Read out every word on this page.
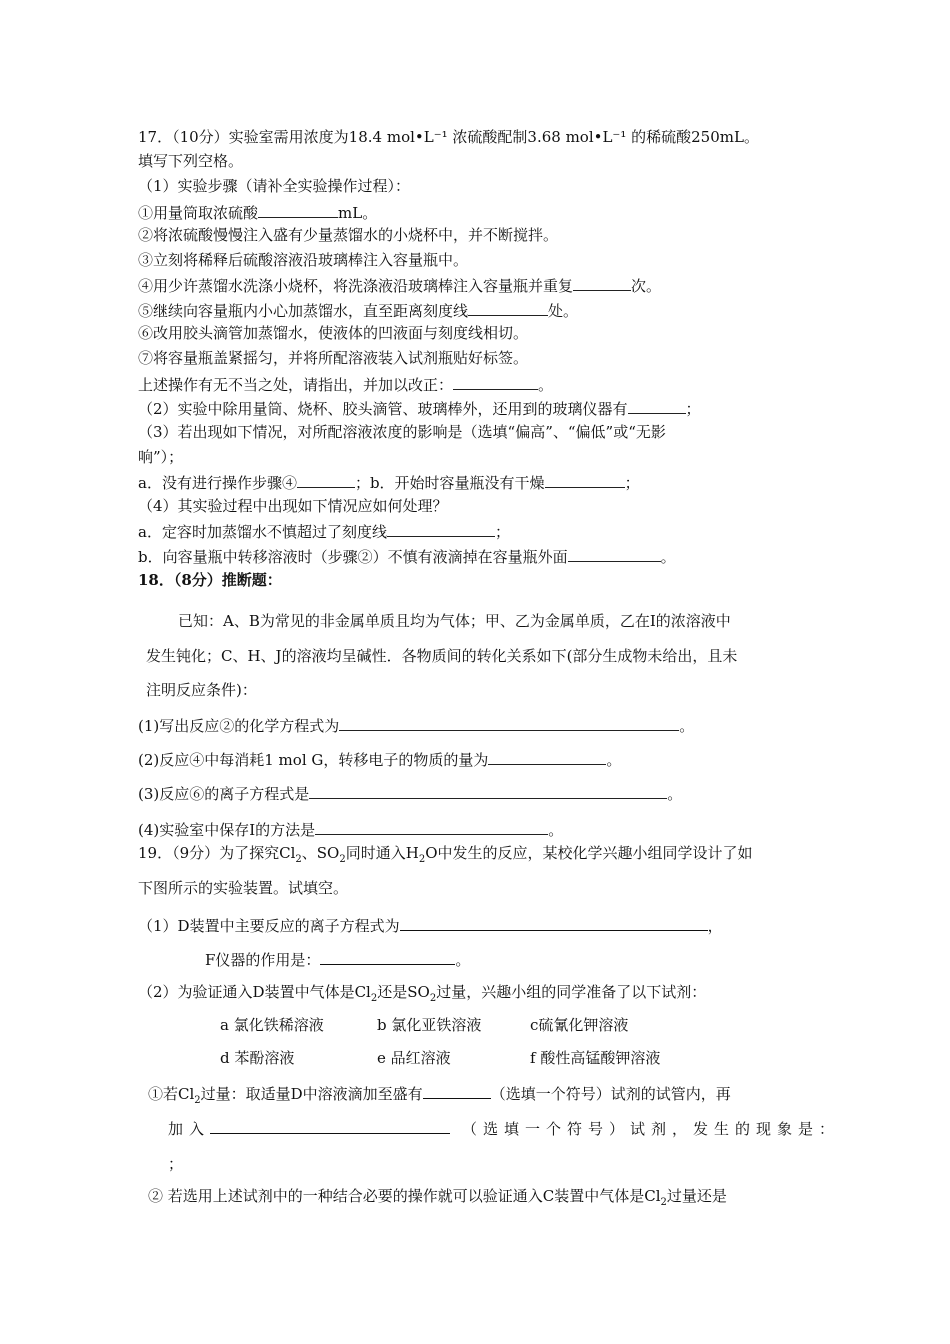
17．（10分）实验室需用浓度为18.4 mol•L⁻¹ 浓硫酸配制3.68 mol•L⁻¹ 的稀硫酸250mL。
填写下列空格。
（1）实验步骤（请补全实验操作过程）：
①用量筒取浓硫酸	mL。
②将浓硫酸慢慢注入盛有少量蒸馏水的小烧杯中，并不断搅拌。
③立刻将稀释后硫酸溶液沿玻璃棒注入容量瓶中。
④用少许蒸馏水洗涤小烧杯，将洗涤液沿玻璃棒注入容量瓶并重复	次。
⑤继续向容量瓶内小心加蒸馏水，直至距离刻度线	处。
⑥改用胶头滴管加蒸馏水，使液体的凹液面与刻度线相切。
⑦将容量瓶盖紧摇匀，并将所配溶液装入试剂瓶贴好标签。
上述操作有无不当之处，请指出，并加以改正：	。
（2）实验中除用量筒、烧杯、胶头滴管、玻璃棒外，还用到的玻璃仪器有	；
（3）若出现如下情况，对所配溶液浓度的影响是（选填“偏高”、“偏低”或“无影
响”）；
a．没有进行操作步骤④	；b．开始时容量瓶没有干燥	；
（4）其实验过程中出现如下情况应如何处理？
a．定容时加蒸馏水不慎超过了刻度线	；
b．向容量瓶中转移溶液时（步骤②）不慎有液滴掉在容量瓶外面	。
18．（8分）推断题：
已知：A、B为常见的非金属单质且均为气体；甲、乙为金属单质，乙在I的浓溶液中
发生钝化；C、H、J的溶液均呈碱性．各物质间的转化关系如下(部分生成物未给出，且未
注明反应条件)：
(1)写出反应②的化学方程式为	。
(2)反应④中每消耗1 mol G，转移电子的物质的量为	。
(3)反应⑥的离子方程式是	。
(4)实验室中保存I的方法是	。
19．（9分）为了探究$Cl_2$、$SO_2$同时通入$H_2O$中发生的反应，某校化学兴趣小组同学设计了如
下图所示的实验装置。试填空。
（1）D装置中主要反应的离子方程式为	，
F仪器的作用是：	。
（2）为验证通入D装置中气体是$Cl_2$还是$SO_2$过量，兴趣小组的同学准备了以下试剂：
a 氯化铁稀溶液	b 氯化亚铁溶液	c硫氰化钾溶液
d 苯酚溶液	e 品红溶液	f 酸性高锰酸钾溶液
①若$Cl_2$过量：取适量D中溶液滴加至盛有	（选填一个符号）试剂的试管内，再
加入	（选填一个符号）试剂，发生的现象是：
；
② 若选用上述试剂中的一种结合必要的操作就可以验证通入C装置中气体是$Cl_2$过量还是
